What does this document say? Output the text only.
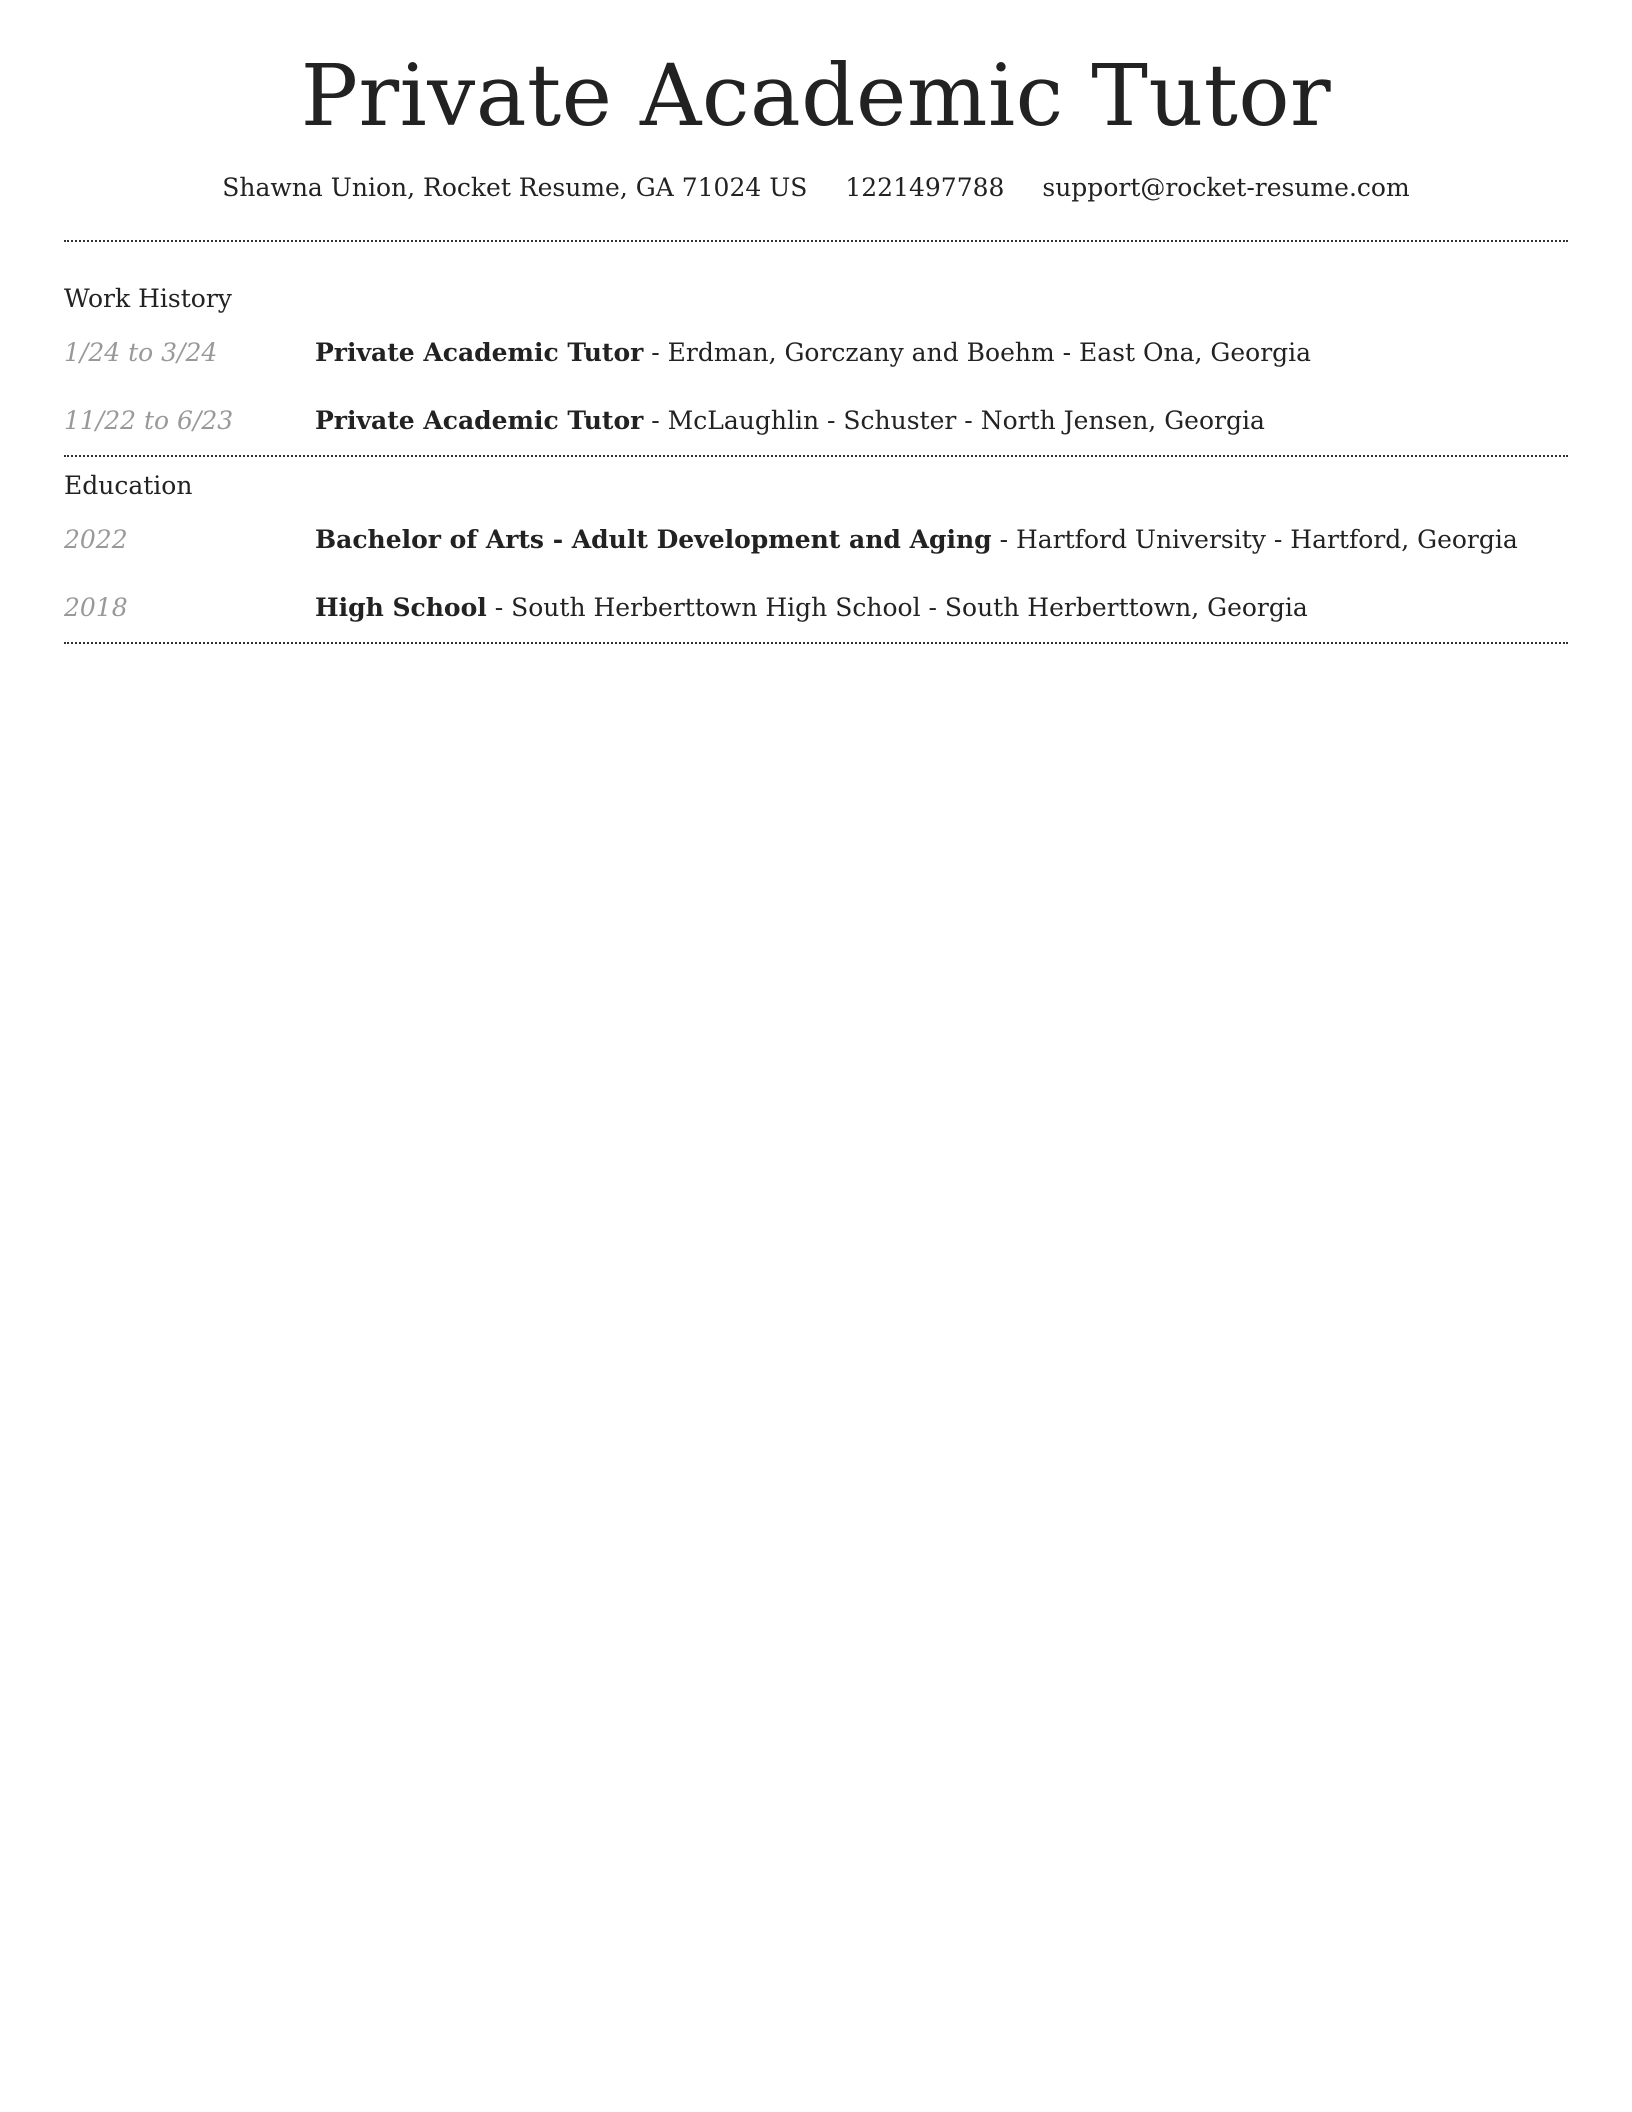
Private Academic Tutor
Shawna Union, Rocket Resume, GA 71024 US 1221497788 support@rocket-resume.com
Work History
1/24 to 3/24	Private Academic Tutor - Erdman, Gorczany and Boehm - East Ona, Georgia
11/22 to 6/23	Private Academic Tutor - McLaughlin - Schuster - North Jensen, Georgia
Education
2022	Bachelor of Arts - Adult Development and Aging - Hartford University - Hartford, Georgia
2018	High School - South Herberttown High School - South Herberttown, Georgia
